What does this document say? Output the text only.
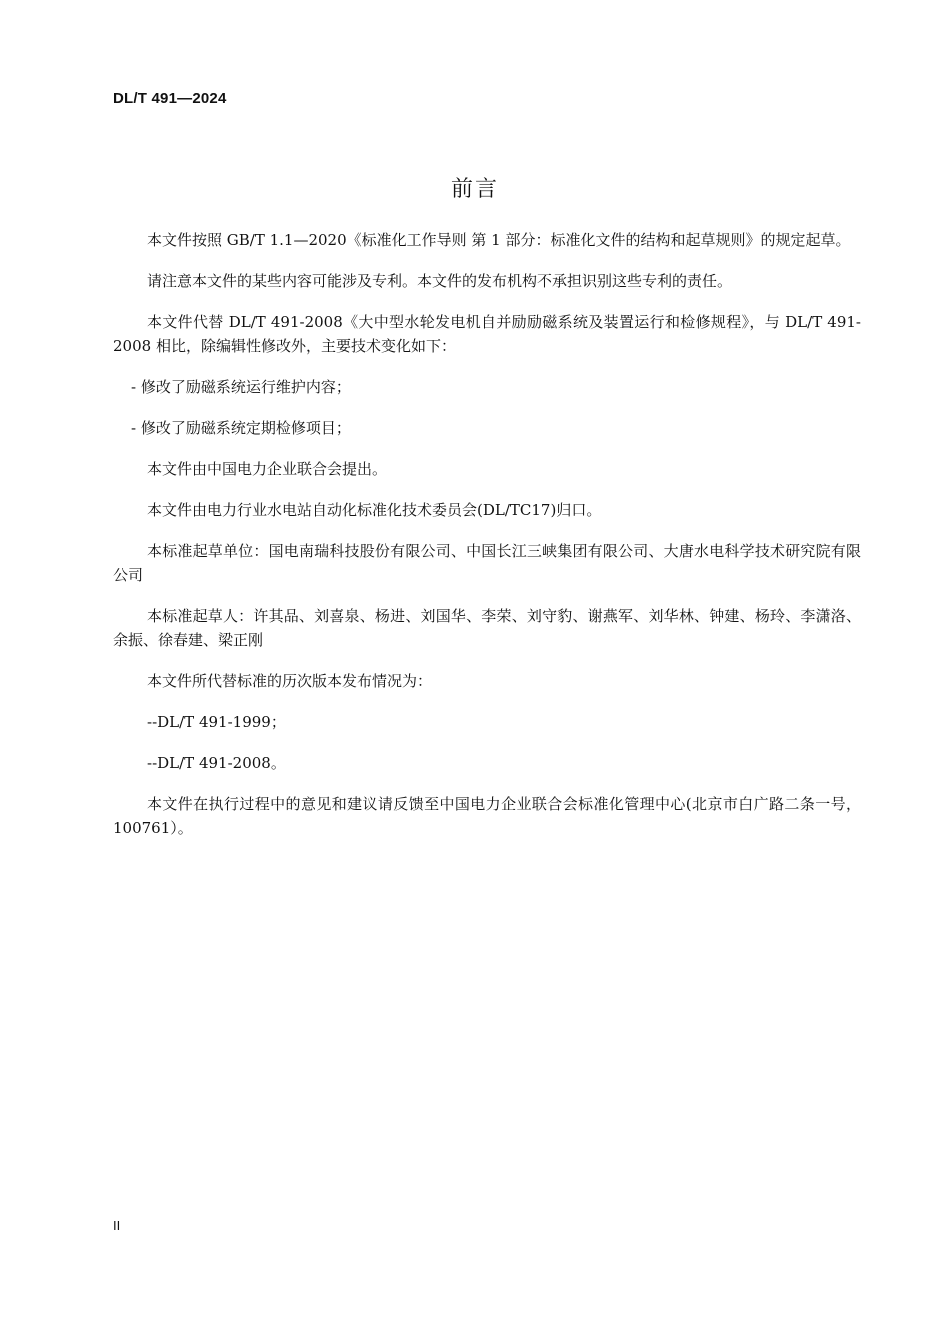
DL/T 491—2024
前言

本文件按照 GB/T 1.1—2020《标准化工作导则 第 1 部分：标准化文件的结构和起草规则》的规定起草。

请注意本文件的某些内容可能涉及专利。本文件的发布机构不承担识别这些专利的责任。

本文件代替 DL/T 491-2008《大中型水轮发电机自并励励磁系统及装置运行和检修规程》，与 DL/T 491-2008 相比，除编辑性修改外，主要技术变化如下：

- 修改了励磁系统运行维护内容；

- 修改了励磁系统定期检修项目；

本文件由中国电力企业联合会提出。

本文件由电力行业水电站自动化标准化技术委员会(DL/TC17)归口。

本标准起草单位：国电南瑞科技股份有限公司、中国长江三峡集团有限公司、大唐水电科学技术研究院有限公司

本标准起草人：许其品、刘喜泉、杨进、刘国华、李荣、刘守豹、谢燕军、刘华林、钟建、杨玲、李潇洛、余振、徐春建、梁正刚

本文件所代替标准的历次版本发布情况为：

--DL/T 491-1999；

--DL/T 491-2008。

本文件在执行过程中的意见和建议请反馈至中国电力企业联合会标准化管理中心(北京市白广路二条一号，100761）。

II
